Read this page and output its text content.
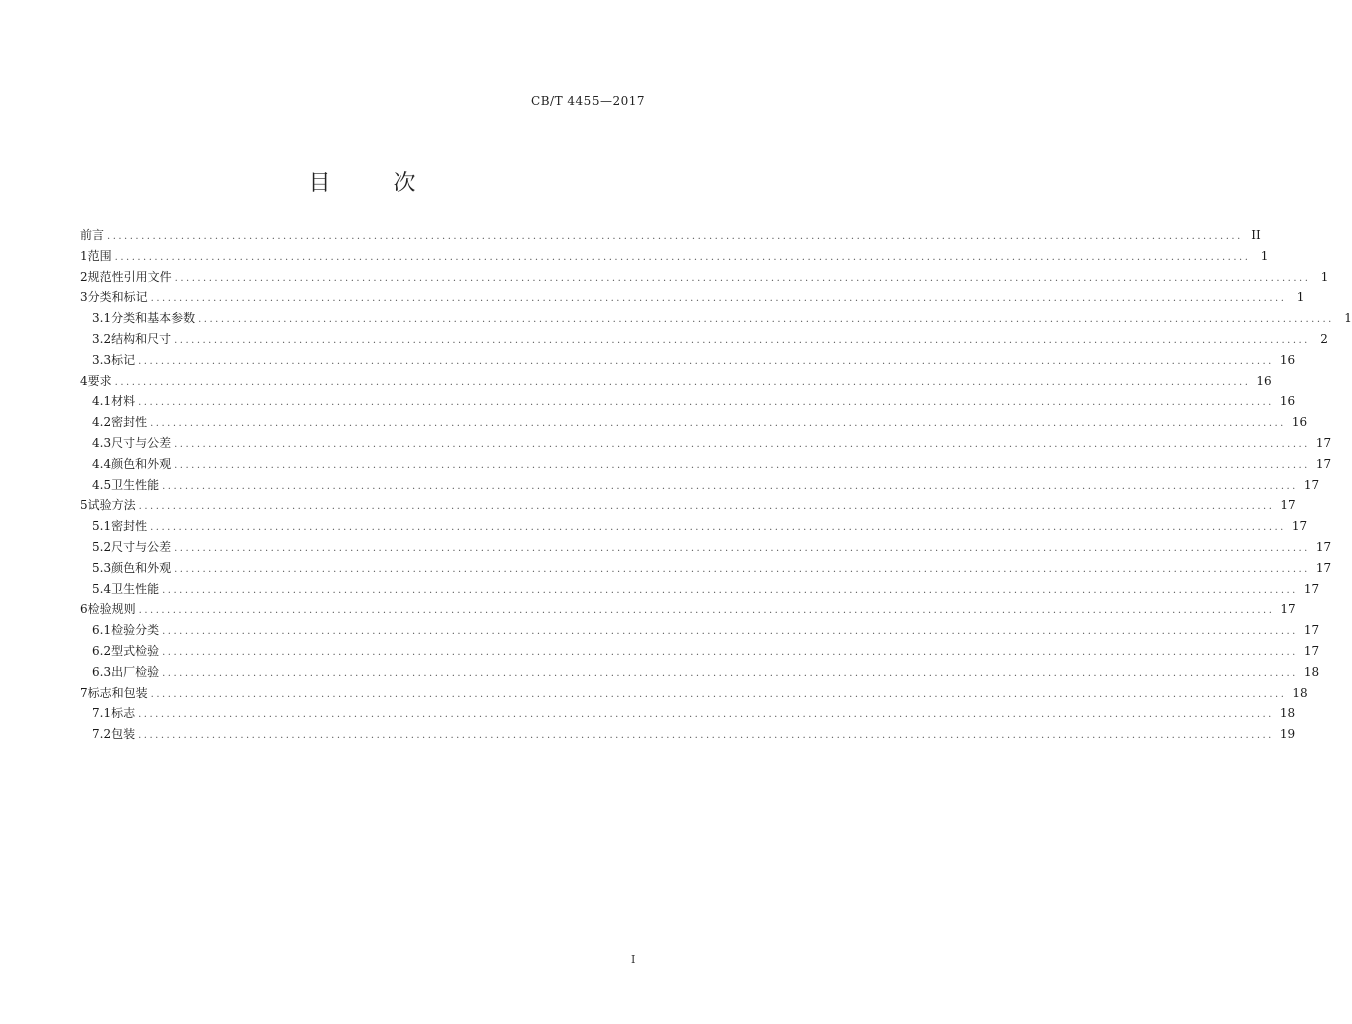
CB/T 4455—2017
目 次
前言 ........................................................................................................................................................................................................ II
1 范围 ........................................................................................................................................................................................................ 1
2 规范性引用文件 ........................................................................................................................................................................................................ 1
3 分类和标记 ........................................................................................................................................................................................................ 1
3.1 分类和基本参数 ........................................................................................................................................................................................................ 1
3.2 结构和尺寸 ........................................................................................................................................................................................................ 2
3.3 标记 ........................................................................................................................................................................................................ 16
4 要求 ........................................................................................................................................................................................................ 16
4.1 材料 ........................................................................................................................................................................................................ 16
4.2 密封性 ........................................................................................................................................................................................................ 16
4.3 尺寸与公差 ........................................................................................................................................................................................................ 17
4.4 颜色和外观 ........................................................................................................................................................................................................ 17
4.5 卫生性能 ........................................................................................................................................................................................................ 17
5 试验方法 ........................................................................................................................................................................................................ 17
5.1 密封性 ........................................................................................................................................................................................................ 17
5.2 尺寸与公差 ........................................................................................................................................................................................................ 17
5.3 颜色和外观 ........................................................................................................................................................................................................ 17
5.4 卫生性能 ........................................................................................................................................................................................................ 17
6 检验规则 ........................................................................................................................................................................................................ 17
6.1 检验分类 ........................................................................................................................................................................................................ 17
6.2 型式检验 ........................................................................................................................................................................................................ 17
6.3 出厂检验 ........................................................................................................................................................................................................ 18
7 标志和包装 ........................................................................................................................................................................................................ 18
7.1 标志 ........................................................................................................................................................................................................ 18
7.2 包装 ........................................................................................................................................................................................................ 19
I
